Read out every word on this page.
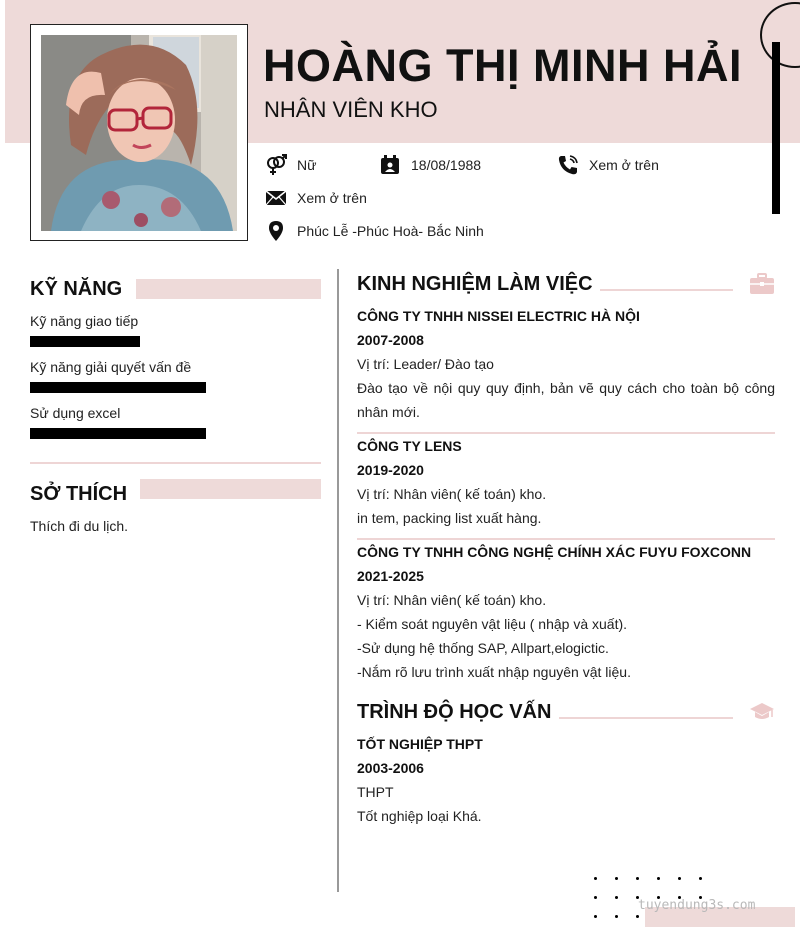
HOÀNG THỊ MINH HẢI
NHÂN VIÊN KHO
Nữ	18/08/1988	Xem ở trên
Xem ở trên
Phúc Lễ -Phúc Hoà- Bắc Ninh
KỸ NĂNG
Kỹ năng giao tiếp
Kỹ năng giải quyết vấn đề
Sử dụng excel
SỞ THÍCH
Thích đi du lịch.
KINH NGHIỆM LÀM VIỆC
CÔNG TY TNHH NISSEI ELECTRIC HÀ NỘI
2007-2008
Vị trí: Leader/ Đào tạo
Đào tạo về nội quy quy định, bản vẽ quy cách cho toàn bộ công nhân mới.
CÔNG TY LENS
2019-2020
Vị trí: Nhân viên( kế toán) kho.
in tem, packing list xuất hàng.
CÔNG TY TNHH CÔNG NGHỆ CHÍNH XÁC FUYU FOXCONN
2021-2025
Vị trí: Nhân viên( kế toán) kho.
- Kiểm soát nguyên vật liệu ( nhập và xuất).
-Sử dụng hệ thống SAP, Allpart,elogictic.
-Nắm rõ lưu trình xuất nhập nguyên vật liệu.
TRÌNH ĐỘ HỌC VẤN
TỐT NGHIỆP THPT
2003-2006
THPT
Tốt nghiệp loại Khá.
tuyendung3s.com
